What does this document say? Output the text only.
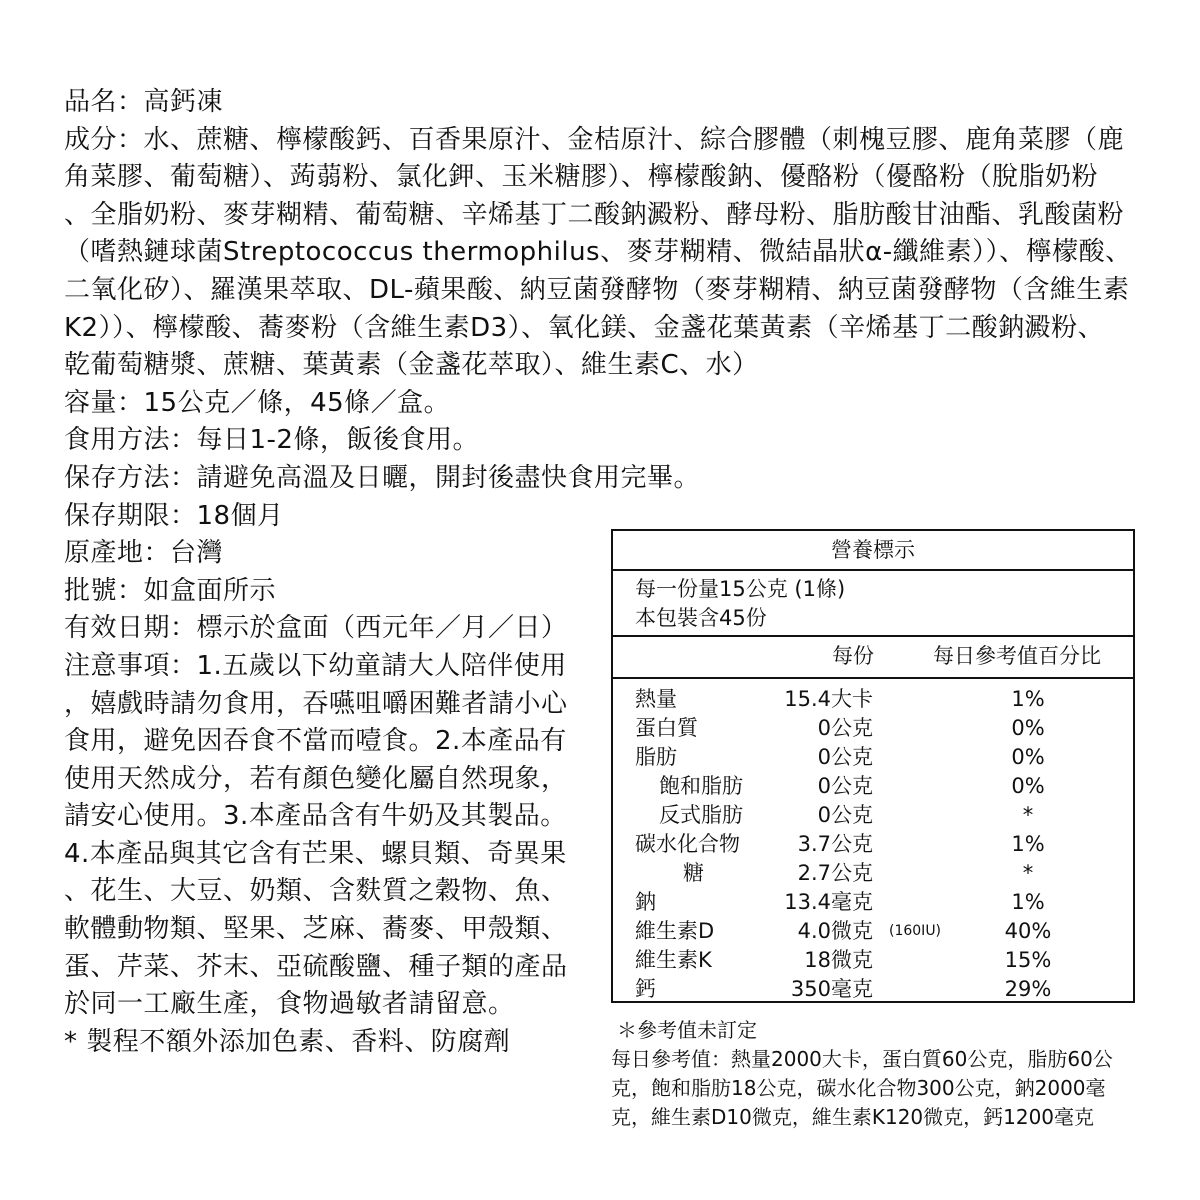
品名：高鈣凍

成分：水、蔗糖、檸檬酸鈣、百香果原汁、金桔原汁、綜合膠體（刺槐豆膠、鹿角菜膠（鹿

角菜膠、葡萄糖）、蒟蒻粉、氯化鉀、玉米糖膠）、檸檬酸鈉、優酪粉（優酪粉（脫脂奶粉

、全脂奶粉、麥芽糊精、葡萄糖、辛烯基丁二酸鈉澱粉、酵母粉、脂肪酸甘油酯、乳酸菌粉

（嗜熱鏈球菌Streptococcus thermophilus、麥芽糊精、微結晶狀α-纖維素））、檸檬酸、

二氧化矽）、羅漢果萃取、DL-蘋果酸、納豆菌發酵物（麥芽糊精、納豆菌發酵物（含維生素

K2））、檸檬酸、蕎麥粉（含維生素D3）、氧化鎂、金盞花葉黃素（辛烯基丁二酸鈉澱粉、

乾葡萄糖漿、蔗糖、葉黃素（金盞花萃取）、維生素C、水）

容量：15公克／條，45條／盒。

食用方法：每日1-2條，飯後食用。

保存方法：請避免高溫及日曬，開封後盡快食用完畢。

保存期限：18個月

原產地：台灣

批號：如盒面所示

有效日期：標示於盒面（西元年／月／日）

注意事項：1.五歲以下幼童請大人陪伴使用

，嬉戲時請勿食用，吞嚥咀嚼困難者請小心

食用，避免因吞食不當而噎食。2.本產品有

使用天然成分，若有顏色變化屬自然現象，

請安心使用。3.本產品含有牛奶及其製品。

4.本產品與其它含有芒果、螺貝類、奇異果

、花生、大豆、奶類、含麩質之穀物、魚、

軟體動物類、堅果、芝麻、蕎麥、甲殼類、

蛋、芹菜、芥末、亞硫酸鹽、種子類的產品

於同一工廠生產，食物過敏者請留意。

* 製程不額外添加色素、香料、防腐劑

營養標示
每一份量15公克 (1條)
本包裝含45份
每份	每日參考值百分比
熱量	15.4大卡	1%
蛋白質	0公克	0%
脂肪	0公克	0%
飽和脂肪	0公克	0%
反式脂肪	0公克	*
碳水化合物	3.7公克	1%
糖	2.7公克	*
鈉	13.4毫克	1%
維生素D	4.0微克 (160IU)	40%
維生素K	18微克	15%
鈣	350毫克	29%

＊參考值未訂定

每日參考值：熱量2000大卡，蛋白質60公克，脂肪60公

克，飽和脂肪18公克，碳水化合物300公克，鈉2000毫

克，維生素D10微克，維生素K120微克，鈣1200毫克
